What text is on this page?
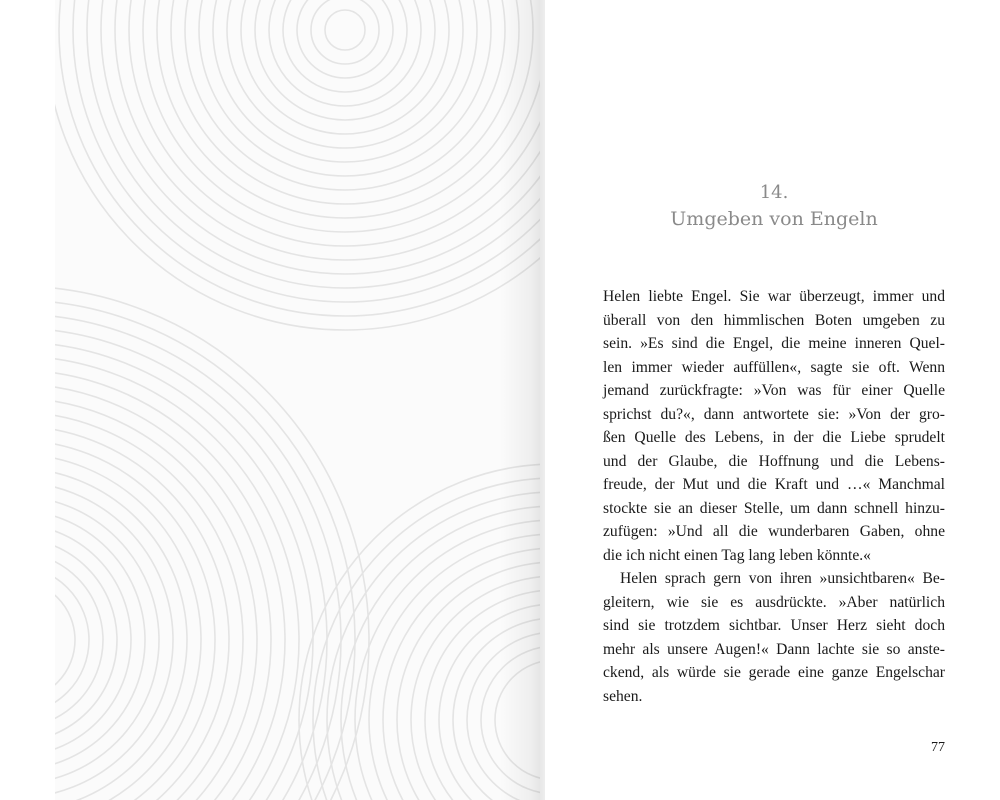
14.
Umgeben von Engeln
Helen liebte Engel. Sie war überzeugt, immer und
überall von den himmlischen Boten umgeben zu
sein. »Es sind die Engel, die meine inneren Quel-
len immer wieder auffüllen«, sagte sie oft. Wenn
jemand zurückfragte: »Von was für einer Quelle
sprichst du?«, dann antwortete sie: »Von der gro-
ßen Quelle des Lebens, in der die Liebe sprudelt
und der Glaube, die Hoffnung und die Lebens-
freude, der Mut und die Kraft und …« Manchmal
stockte sie an dieser Stelle, um dann schnell hinzu-
zufügen: »Und all die wunderbaren Gaben, ohne
die ich nicht einen Tag lang leben könnte.«
Helen sprach gern von ihren »unsichtbaren« Be-
gleitern, wie sie es ausdrückte. »Aber natürlich
sind sie trotzdem sichtbar. Unser Herz sieht doch
mehr als unsere Augen!« Dann lachte sie so anste-
ckend, als würde sie gerade eine ganze Engelschar
sehen.
77
